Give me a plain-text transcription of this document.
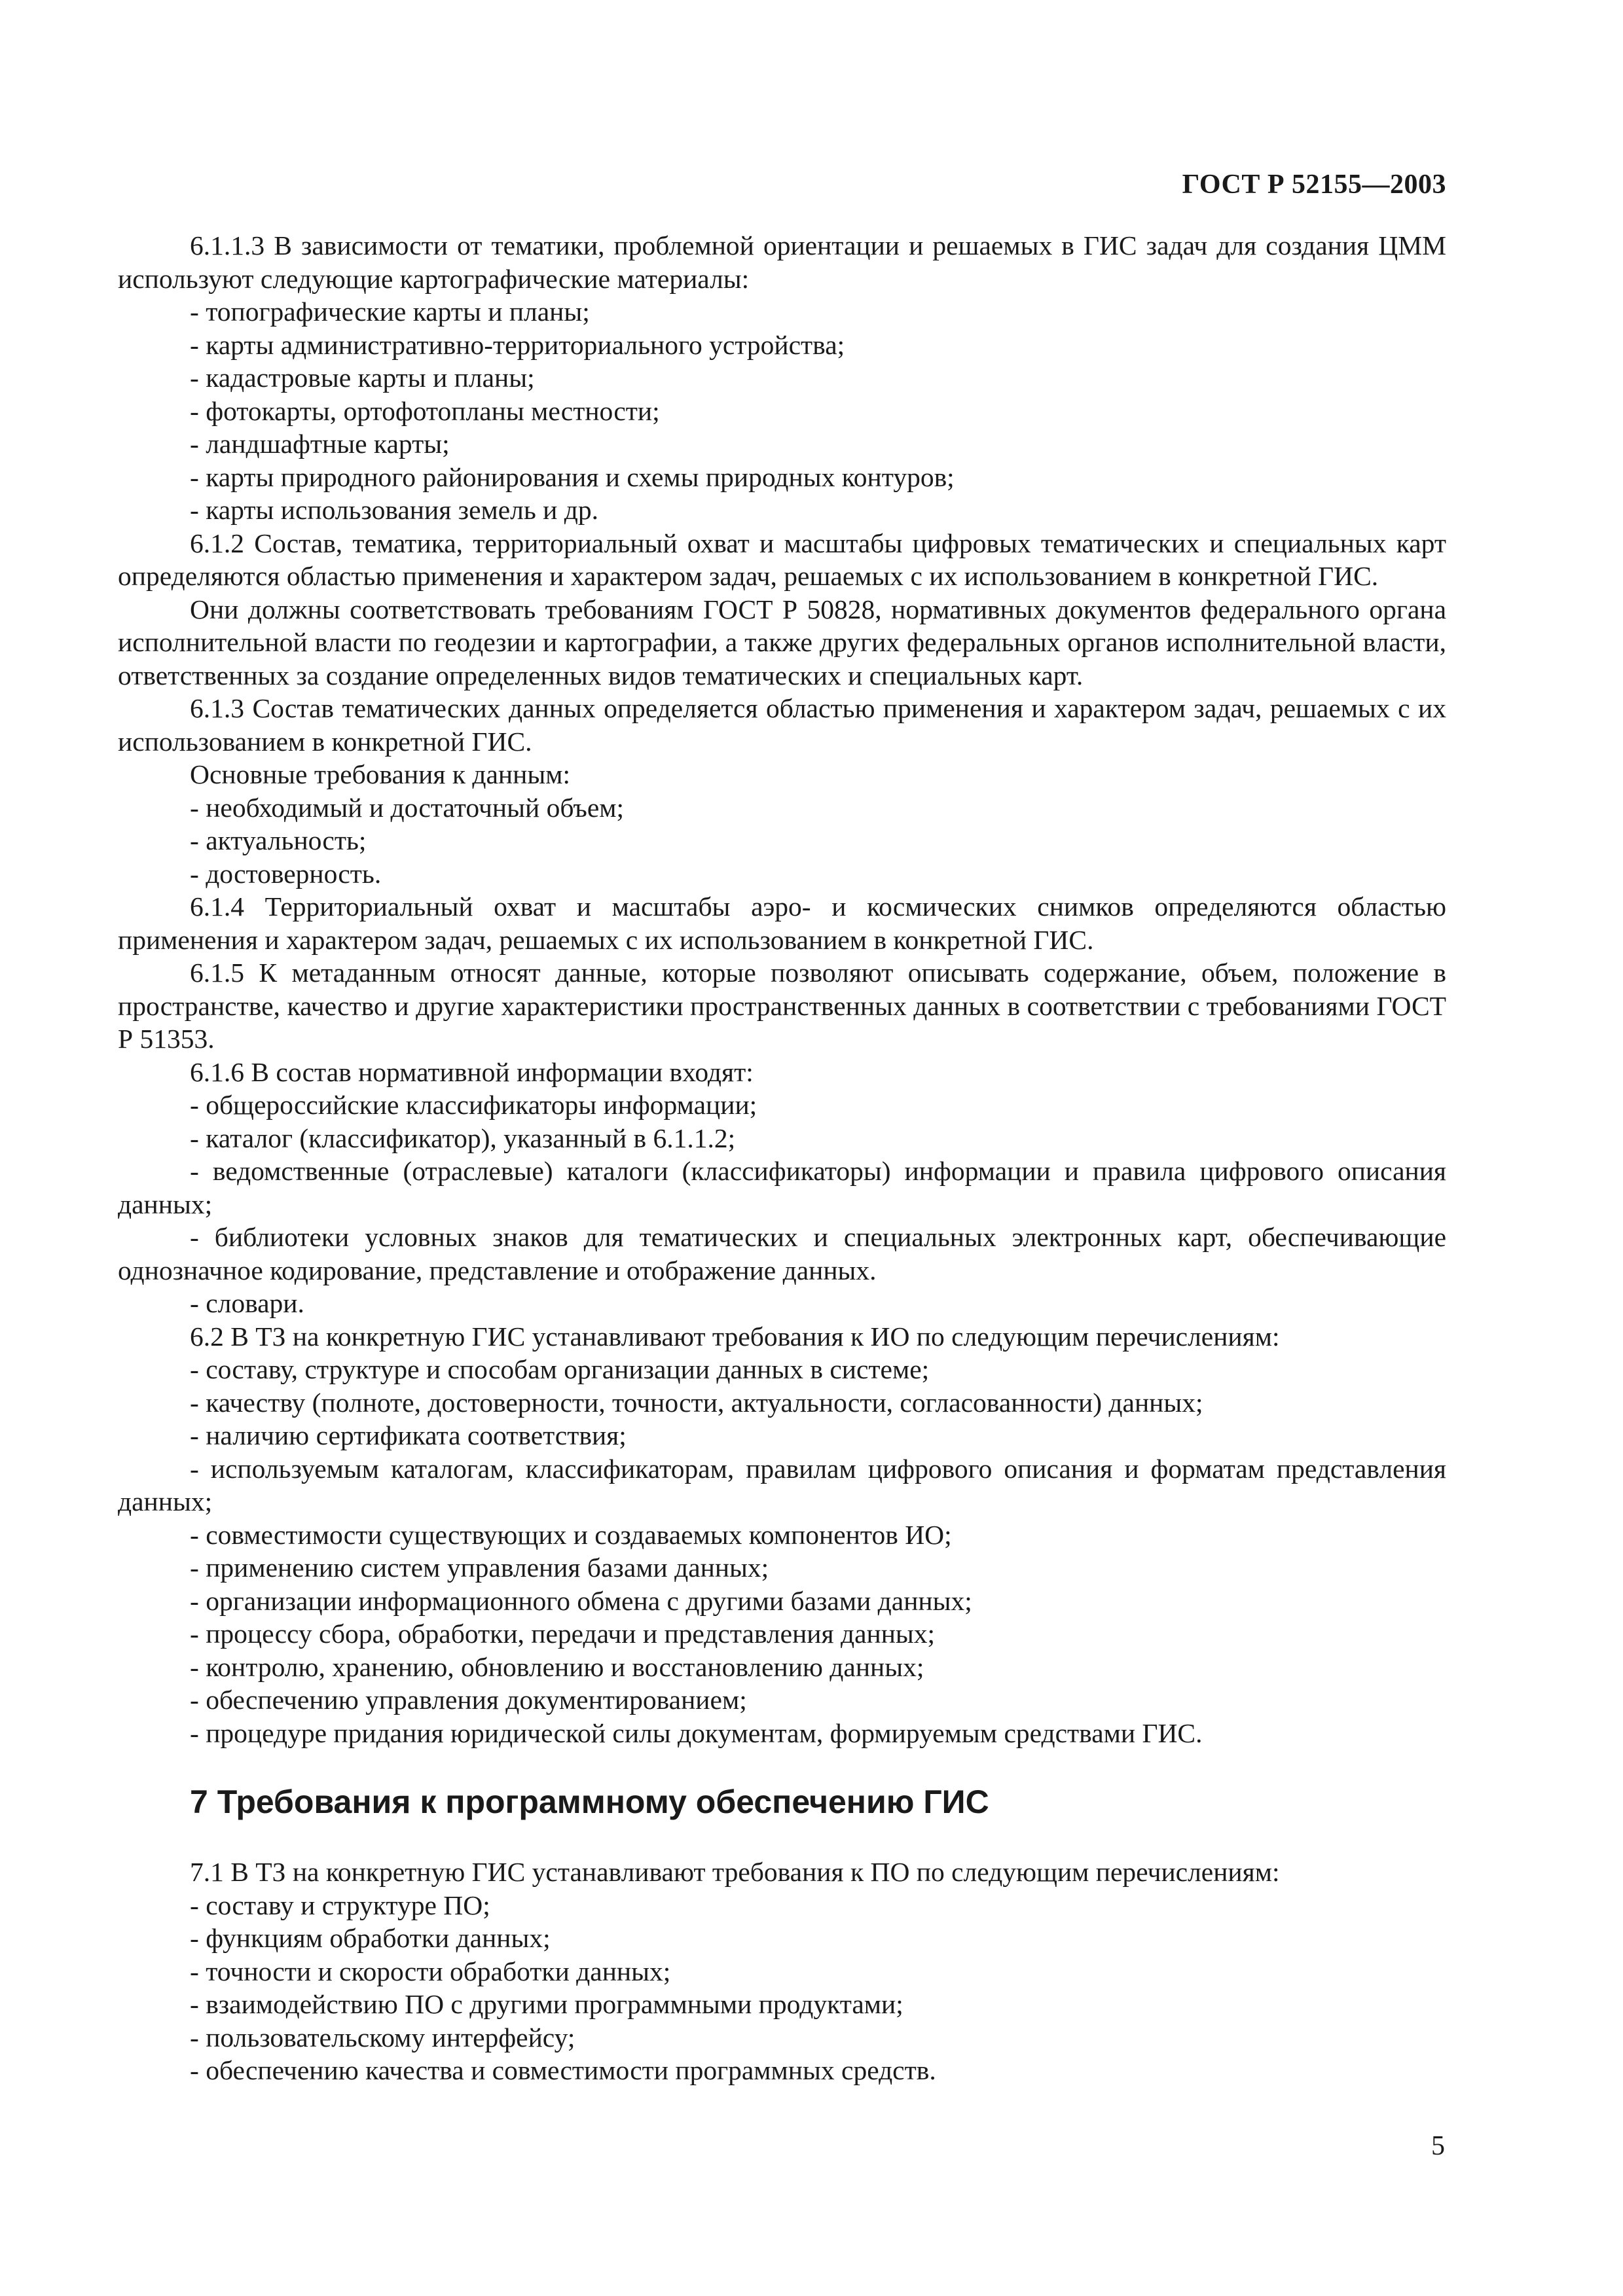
ГОСТ Р 52155—2003

6.1.1.3 В зависимости от тематики, проблемной ориентации и решаемых в ГИС задач для создания ЦММ используют следующие картографические материалы:

- топографические карты и планы;

- карты административно-территориального устройства;

- кадастровые карты и планы;

- фотокарты, ортофотопланы местности;

- ландшафтные карты;

- карты природного районирования и схемы природных контуров;

- карты использования земель и др.

6.1.2 Состав, тематика, территориальный охват и масштабы цифровых тематических и специальных карт определяются областью применения и характером задач, решаемых с их использованием в конкретной ГИС.

Они должны соответствовать требованиям ГОСТ Р 50828, нормативных документов федерального органа исполнительной власти по геодезии и картографии, а также других федеральных органов исполнительной власти, ответственных за создание определенных видов тематических и специальных карт.

6.1.3 Состав тематических данных определяется областью применения и характером задач, решаемых с их использованием в конкретной ГИС.

Основные требования к данным:

- необходимый и достаточный объем;

- актуальность;

- достоверность.

6.1.4 Территориальный охват и масштабы аэро- и космических снимков определяются областью применения и характером задач, решаемых с их использованием в конкретной ГИС.

6.1.5 К метаданным относят данные, которые позволяют описывать содержание, объем, положение в пространстве, качество и другие характеристики пространственных данных в соответствии с требованиями ГОСТ Р 51353.

6.1.6 В состав нормативной информации входят:

- общероссийские классификаторы информации;

- каталог (классификатор), указанный в 6.1.1.2;

- ведомственные (отраслевые) каталоги (классификаторы) информации и правила цифрового описания данных;

- библиотеки условных знаков для тематических и специальных электронных карт, обеспечивающие однозначное кодирование, представление и отображение данных.

- словари.

6.2 В ТЗ на конкретную ГИС устанавливают требования к ИО по следующим перечислениям:

- составу, структуре и способам организации данных в системе;

- качеству (полноте, достоверности, точности, актуальности, согласованности) данных;

- наличию сертификата соответствия;

- используемым каталогам, классификаторам, правилам цифрового описания и форматам представления данных;

- совместимости существующих и создаваемых компонентов ИО;

- применению систем управления базами данных;

- организации информационного обмена с другими базами данных;

- процессу сбора, обработки, передачи и представления данных;

- контролю, хранению, обновлению и восстановлению данных;

- обеспечению управления документированием;

- процедуре придания юридической силы документам, формируемым средствами ГИС.

7 Требования к программному обеспечению ГИС

7.1 В ТЗ на конкретную ГИС устанавливают требования к ПО по следующим перечислениям:

- составу и структуре ПО;

- функциям обработки данных;

- точности и скорости обработки данных;

- взаимодействию ПО с другими программными продуктами;

- пользовательскому интерфейсу;

- обеспечению качества и совместимости программных средств.

5
